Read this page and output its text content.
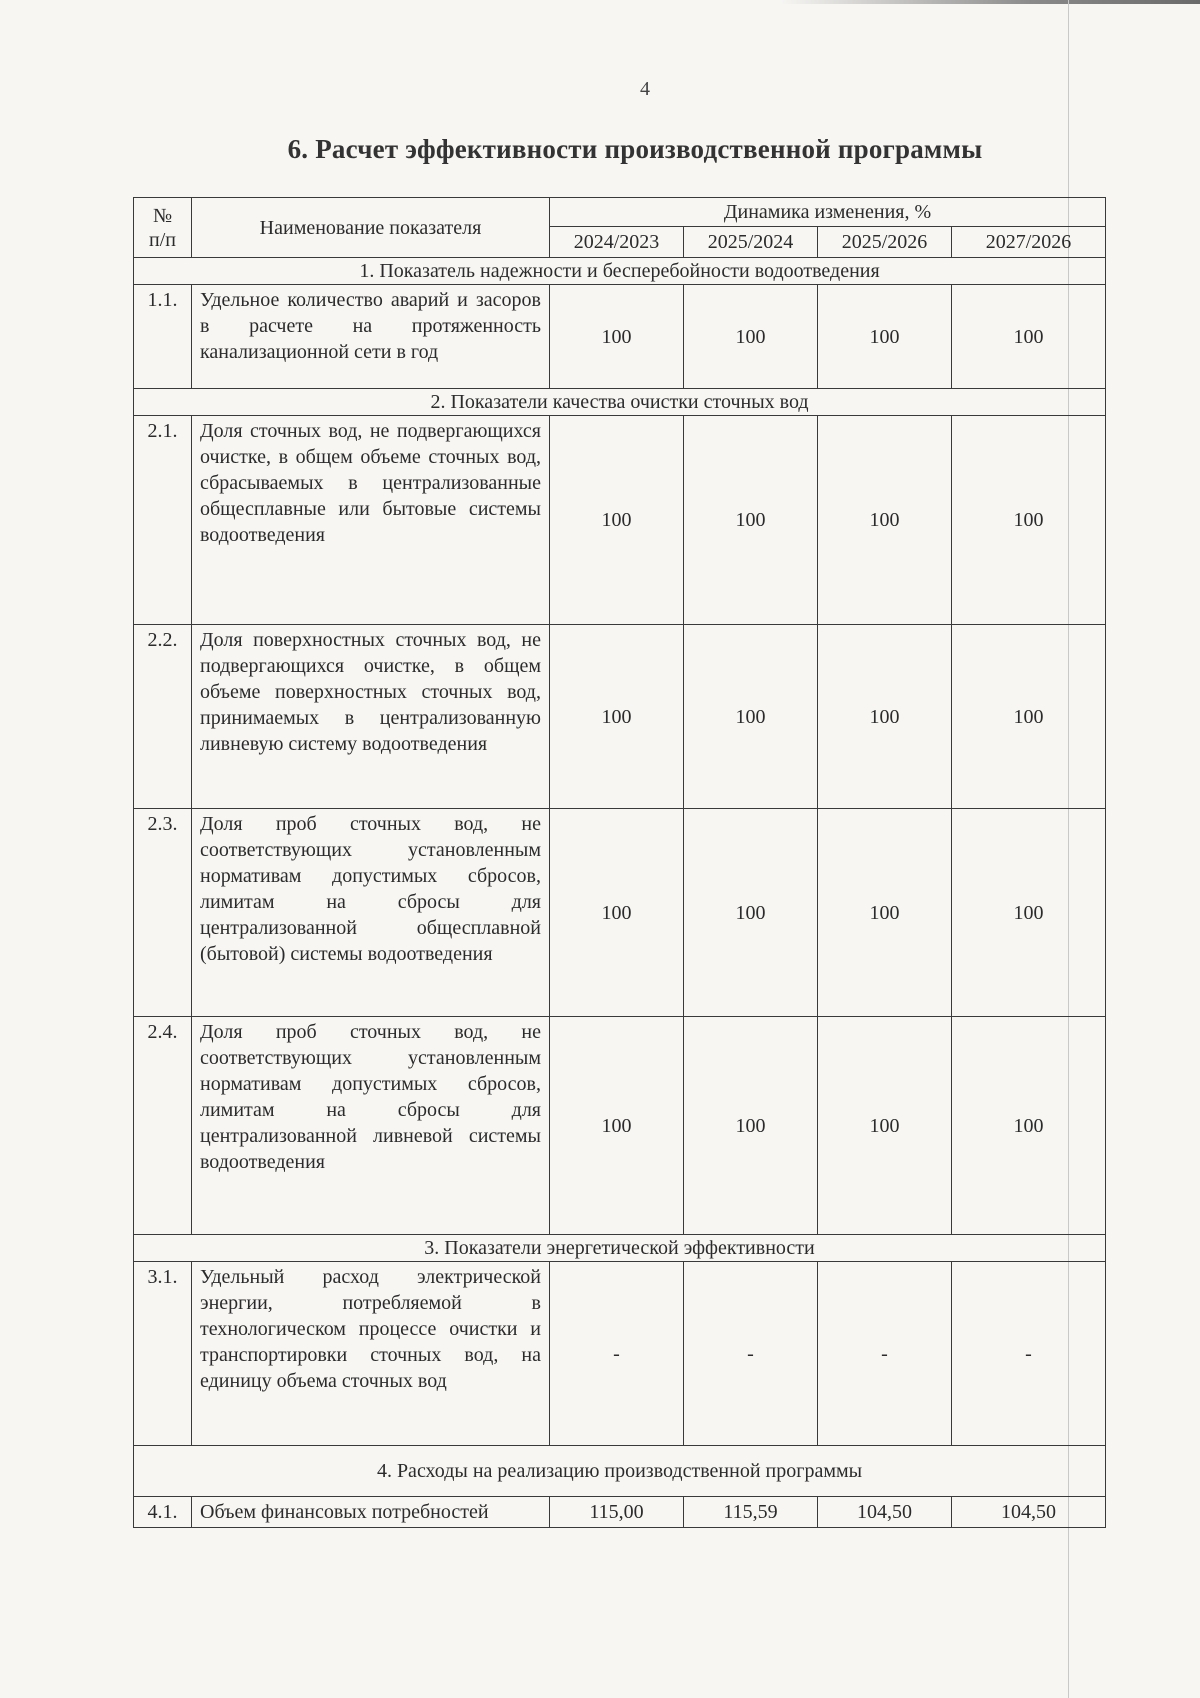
4
6. Расчет эффективности производственной программы
№
п/п	Наименование показателя	Динамика изменения, %			
		2024/2023	2025/2024	2025/2026	2027/2026
1. Показатель надежности и бесперебойности водоотведения					
1.1.	Удельное количество аварий и засоров в расчете на протяженность канализационной сети в год	100	100	100	100
2. Показатели качества очистки сточных вод					
2.1.	Доля сточных вод, не подвергающихся очистке, в общем объеме сточных вод, сбрасываемых в централизованные общесплавные или бытовые системы водоотведения	100	100	100	100
2.2.	Доля поверхностных сточных вод, не подвергающихся очистке, в общем объеме поверхностных сточных вод, принимаемых в централизованную ливневую систему водоотведения	100	100	100	100
2.3.	Доля проб сточных вод, не соответствующих установленным нормативам допустимых сбросов, лимитам на сбросы для централизованной общесплавной (бытовой) системы водоотведения	100	100	100	100
2.4.	Доля проб сточных вод, не соответствующих установленным нормативам допустимых сбросов, лимитам на сбросы для централизованной ливневой системы водоотведения	100	100	100	100
3. Показатели энергетической эффективности					
3.1.	Удельный расход электрической энергии, потребляемой в технологическом процессе очистки и транспортировки сточных вод, на единицу объема сточных вод	-	-	-	-
4. Расходы на реализацию производственной программы					
4.1.	Объем финансовых потребностей	115,00	115,59	104,50	104,50
